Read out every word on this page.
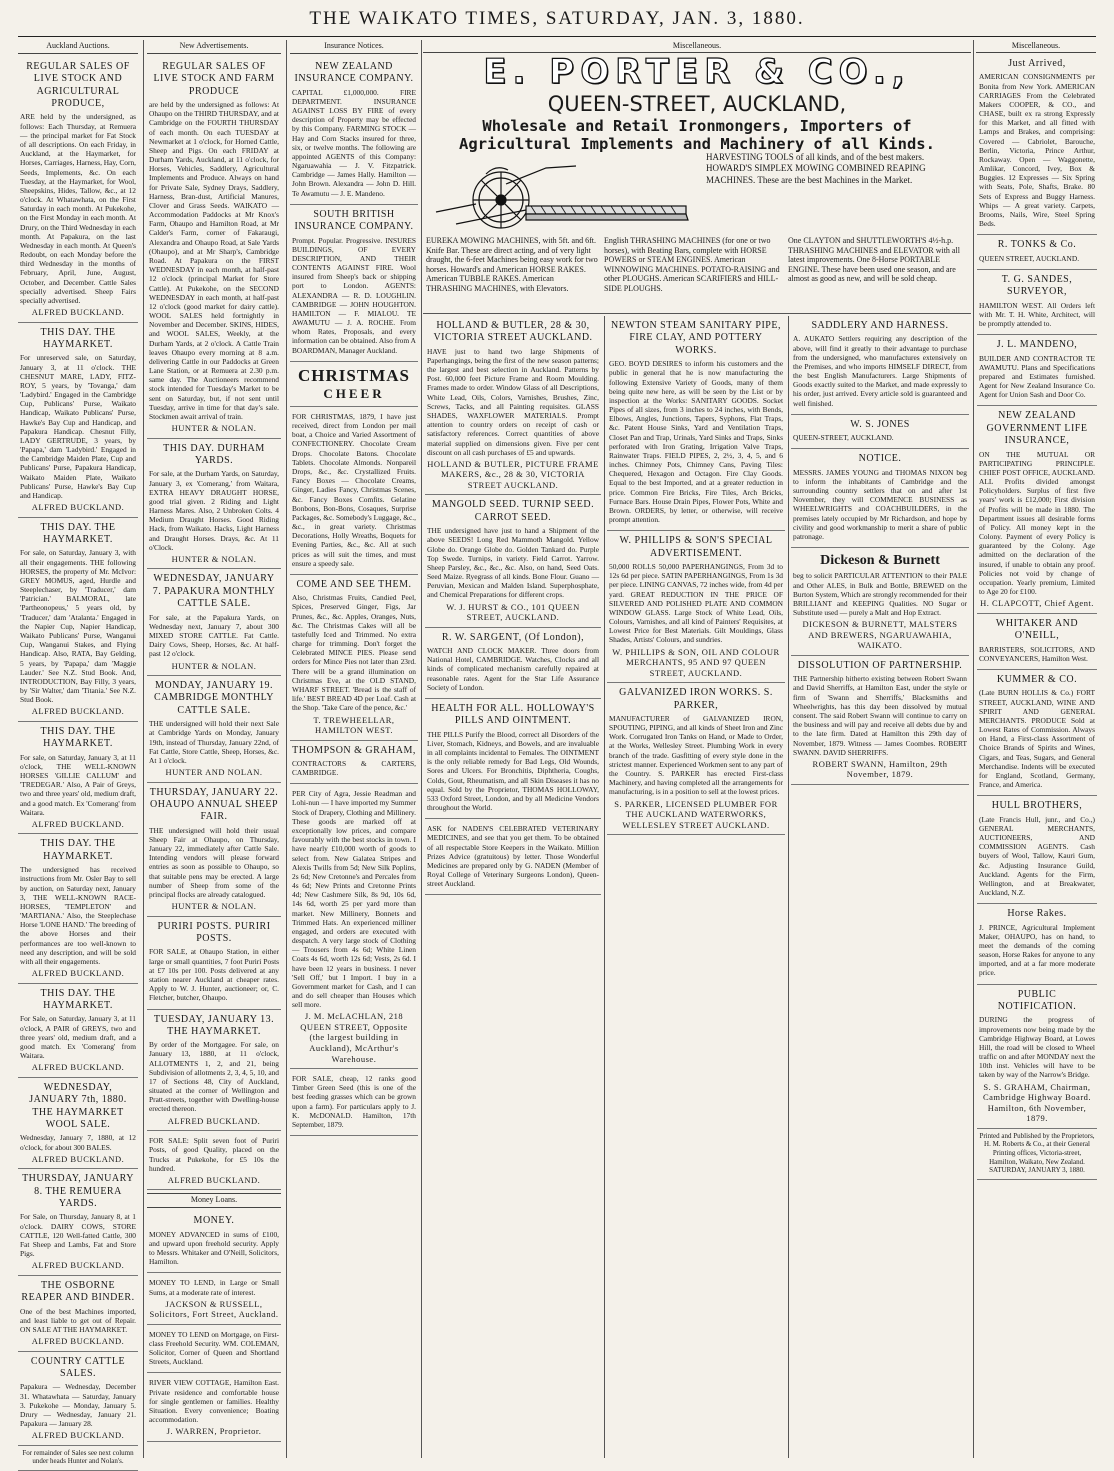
THE WAIKATO TIMES, SATURDAY, JAN. 3, 1880.
Auckland Auctions.
REGULAR SALES OF LIVE STOCK AND AGRICULTURAL PRODUCE,
ARE held by the undersigned, as follows: Each Thursday, at Remuera — the principal market for Fat Stock of all descriptions. On each Friday, in Auckland, at the Haymarket, for Horses, Carriages, Harness, Hay, Corn, Seeds, Implements, &c. On each Tuesday, at the Haymarket, for Wool, Sheepskins, Hides, Tallow, &c., at 12 o'clock. At Whatawhata, on the First Saturday in each month. At Pukekohe, on the First Monday in each month. At Drury, on the Third Wednesday in each month. At Papakura, on the last Wednesday in each month. At Queen's Redoubt, on each Monday before the third Wednesday in the months of February, April, June, August, October, and December. Cattle Sales specially advertised. Sheep Fairs specially advertised.
ALFRED BUCKLAND.
THIS DAY. THE HAYMARKET.
For unreserved sale, on Saturday, January 3, at 11 o'clock. THE CHESNUT MARE, LADY, FITZ-ROY, 5 years, by 'Tovanga,' dam 'Ladybird.' Engaged in the Cambridge Cup, Publicans' Purse, Waikato Handicap, Waikato Publicans' Purse, Hawke's Bay Cup and Handicap, and Papakura Handicap. Chesnut Filly, LADY GERTRUDE, 3 years, by 'Papapa,' dam 'Ladybird.' Engaged in the Cambridge Maiden Plate, Cup and Publicans' Purse, Papakura Handicap, Waikato Maiden Plate, Waikato Publicans' Purse, Hawke's Bay Cup and Handicap.
ALFRED BUCKLAND.
THIS DAY. THE HAYMARKET.
For sale, on Saturday, January 3, with all their engagements. THE following HORSES, the property of Mr. McIvor: GREY MOMUS, aged, Hurdle and Steeplechaser, by 'Traducer,' dam 'Patrician.' BALMORAL, late 'Partheonopeus,' 5 years old, by 'Traducer,' dam 'Atalanta.' Engaged in the Napier Cup, Napier Handicap, Waikato Publicans' Purse, Wanganui Cup, Wanganui Stakes, and Flying Handicap. Also, RATA, Bay Gelding, 5 years, by 'Papapa,' dam 'Maggie Lauder.' See N.Z. Stud Book. And, INTRODUCTION, Bay Filly, 3 years, by 'Sir Walter,' dam 'Titania.' See N.Z. Stud Book.
ALFRED BUCKLAND.
THIS DAY. THE HAYMARKET.
For sale, on Saturday, January 3, at 11 o'clock, THE WELL-KNOWN HORSES 'GILLIE CALLUM' and 'TREDEGAR.' Also, A Pair of Greys, two and three years' old, medium draft, and a good match. Ex 'Comerang' from Waitara.
ALFRED BUCKLAND.
THIS DAY. THE HAYMARKET.
The undersigned has received instructions from Mr. Osler Bay to sell by auction, on Saturday next, January 3, THE WELL-KNOWN RACE-HORSES, 'TEMPLETON' and 'MARTIANA.' Also, the Steeplechase Horse 'LONE HAND.' The breeding of the above Horses and their performances are too well-known to need any description, and will be sold with all their engagements.
ALFRED BUCKLAND.
THIS DAY. THE HAYMARKET.
For Sale, on Saturday, January 3, at 11 o'clock, A PAIR of GREYS, two and three years' old, medium draft, and a good match. Ex 'Comerang' from Waitara.
ALFRED BUCKLAND.
WEDNESDAY, JANUARY 7th, 1880. THE HAYMARKET WOOL SALE.
Wednesday, January 7, 1880, at 12 o'clock, for about 300 BALES.
ALFRED BUCKLAND.
THURSDAY, JANUARY 8. THE REMUERA YARDS.
For Sale, on Thursday, January 8, at 1 o'clock. DAIRY COWS, STORE CATTLE, 120 Well-fatted Cattle, 300 Fat Sheep and Lambs, Fat and Store Pigs.
ALFRED BUCKLAND.
THE OSBORNE REAPER AND BINDER.
One of the best Machines imported, and least liable to get out of Repair. ON SALE AT THE HAYMARKET.
ALFRED BUCKLAND.
COUNTRY CATTLE SALES.
Papakura — Wednesday, December 31. Whatawhata — Saturday, January 3. Pukekohe — Monday, January 5. Drury — Wednesday, January 21. Papakura — January 28.
ALFRED BUCKLAND.
For remainder of Sales see next column under heads Hunter and Nolan's.
New Advertisements.
REGULAR SALES OF LIVE STOCK AND FARM PRODUCE
are held by the undersigned as follows: At Ohaupo on the THIRD THURSDAY, and at Cambridge on the FOURTH THURSDAY of each month. On each TUESDAY at Newmarket at 1 o'clock, for Horned Cattle, Sheep and Pigs. On each FRIDAY at Durham Yards, Auckland, at 11 o'clock, for Horses, Vehicles, Saddlery, Agricultural Implements and Produce. Always on hand for Private Sale, Sydney Drays, Saddlery, Harness, Bran-dust, Artificial Manures, Clover and Grass Seeds. WAIKATO — Accommodation Paddocks at Mr Knox's Farm, Ohaupo and Hamilton Road, at Mr Calder's Farm, corner of Fakaraugi, Alexandra and Ohaupo Road, at Sale Yards (Ohaupo), and at Mr Sharp's, Cambridge Road. At Papakura on the FIRST WEDNESDAY in each month, at half-past 12 o'clock (principal Market for Store Cattle). At Pukekohe, on the SECOND WEDNESDAY in each month, at half-past 12 o'clock (good market for dairy cattle). WOOL SALES held fortnightly in November and December. SKINS, HIDES, and WOOL SALES, Weekly, at the Durham Yards, at 2 o'clock. A Cattle Train leaves Ohaupo every morning at 8 a.m. delivering Cattle in our Paddocks at Green Lane Station, or at Remuera at 2.30 p.m. same day. The Auctioneers recommend stock intended for Tuesday's Market to be sent on Saturday, but, if not sent until Tuesday, arrive in time for that day's sale. Stockmen await arrival of train.
HUNTER & NOLAN.
THIS DAY. DURHAM YARDS.
For sale, at the Durham Yards, on Saturday, January 3, ex 'Comerang,' from Waitara, EXTRA HEAVY DRAUGHT HORSE, good trial given. 2 Riding and Light Harness Mares. Also, 2 Unbroken Colts. 4 Medium Draught Horses. Good Riding Hack, from Waikato. Hacks, Light Harness and Draught Horses. Drays, &c. At 11 o'Clock.
HUNTER & NOLAN.
WEDNESDAY, JANUARY 7. PAPAKURA MONTHLY CATTLE SALE.
For sale, at the Papakura Yards, on Wednesday next, January 7, about 300 MIXED STORE CATTLE. Fat Cattle. Dairy Cows, Sheep, Horses, &c. At half-past 12 o'clock.
HUNTER & NOLAN.
MONDAY, JANUARY 19. CAMBRIDGE MONTHLY CATTLE SALE.
THE undersigned will hold their next Sale at Cambridge Yards on Monday, January 19th, instead of Thursday, January 22nd, of Fat Cattle, Store Cattle, Sheep, Horses, &c. At 1 o'clock.
HUNTER AND NOLAN.
THURSDAY, JANUARY 22. OHAUPO ANNUAL SHEEP FAIR.
THE undersigned will hold their usual Sheep Fair at Ohaupo, on Thursday, January 22, immediately after Cattle Sale. Intending vendors will please forward entries as soon as possible to Ohaupo, so that suitable pens may be erected. A large number of Sheep from some of the principal flocks are already catalogued.
HUNTER & NOLAN.
PURIRI POSTS. PURIRI POSTS.
FOR SALE, at Ohaupo Station, in either large or small quantities, 7 foot Puriri Posts at £7 10s per 100. Posts delivered at any station nearer Auckland at cheaper rates. Apply to W. J. Hunter, auctioneer; or, C. Fletcher, butcher, Ohaupo.
TUESDAY, JANUARY 13. THE HAYMARKET.
By order of the Mortgagee. For sale, on January 13, 1880, at 11 o'clock, ALLOTMENTS 1, 2, and 21, being Subdivision of allotments 2, 3, 4, 5, 10, and 17 of Sections 48, City of Auckland, situated at the corner of Wellington and Pratt-streets, together with Dwelling-house erected thereon.
ALFRED BUCKLAND.
FOR SALE: Split seven foot of Puriri Posts, of good Quality, placed on the Trucks at Pukekohe, for £5 10s the hundred.
ALFRED BUCKLAND.
Money Loans.
MONEY.
MONEY ADVANCED in sums of £100, and upward upon freehold security. Apply to Messrs. Whitaker and O'Neill, Solicitors, Hamilton.
MONEY TO LEND, in Large or Small Sums, at a moderate rate of interest.
JACKSON & RUSSELL, Solicitors, Fort Street, Auckland.
MONEY TO LEND on Mortgage, on First-class Freehold Security. WM. COLEMAN, Solicitor, Corner of Queen and Shortland Streets, Auckland.
RIVER VIEW COTTAGE, Hamilton East. Private residence and comfortable house for single gentlemen or families. Healthy Situation. Every convenience; Boating accommodation.
J. WARREN, Proprietor.
Insurance Notices.
NEW ZEALAND INSURANCE COMPANY.
CAPITAL £1,000,000. FIRE DEPARTMENT. INSURANCE AGAINST LOSS BY FIRE of every description of Property may be effected by this Company. FARMING STOCK — Hay and Corn Stacks insured for three, six, or twelve months. The following are appointed AGENTS of this Company: Ngaruawahia — J. V. Fitzpatrick. Cambridge — James Hally. Hamilton — John Brown. Alexandra — John D. Hill. Te Awamutu — J. E. Mandeno.
SOUTH BRITISH INSURANCE COMPANY.
Prompt. Popular. Progressive. INSURES BUILDINGS, OF EVERY DESCRIPTION, AND THEIR CONTENTS AGAINST FIRE. Wool insured from Sheep's back or shipping port to London. AGENTS: ALEXANDRA — R. D. LOUGHLIN. CAMBRIDGE — JOHN HOUGHTON. HAMILTON — F. MIALOU. TE AWAMUTU — J. A. ROCHE. From whom Rates, Proposals, and every information can be obtained. Also from A BOARDMAN, Manager Auckland.
CHRISTMAS
CHEER
FOR CHRISTMAS, 1879, I have just received, direct from London per mail boat, a Choice and Varied Assortment of CONFECTIONERY. Chocolate Cream Drops. Chocolate Batons. Chocolate Tablets. Chocolate Almonds. Nonpareil Drops, &c., &c. Crystallized Fruits. Fancy Boxes — Chocolate Creams, Ginger, Ladies Fancy, Christmas Scenes, &c. Fancy Boxes Comfits. Gelatine Bonbons, Bon-Bons, Cosaques, Surprise Packages, &c. Somebody's Luggage, &c., &c., in great variety. Christmas Decorations, Holly Wreaths, Boquets for Evening Parties, &c., &c. All at such prices as will suit the times, and must ensure a speedy sale.
COME AND SEE THEM.
Also, Christmas Fruits, Candied Peel, Spices, Preserved Ginger, Figs, Jar Prunes, &c., &c. Apples, Oranges, Nuts, &c. The Christmas Cakes will all be tastefully Iced and Trimmed. No extra charge for trimming. Don't forget the Celebrated MINCE PIES. Please send orders for Mince Pies not later than 23rd. There will be a grand illumination on Christmas Eve, at the OLD STAND, WHARF STREET. 'Bread is the staff of life.' BEST BREAD 4D per Loaf. Cash at the Shop. 'Take Care of the pence, &c.'
T. TREWHEELLAR, HAMILTON WEST.
THOMPSON & GRAHAM,
CONTRACTORS & CARTERS, CAMBRIDGE.
PER City of Agra, Jessie Readman and Lohi-nun — I have imported my Summer Stock of Drapery, Clothing and Millinery. These goods are marked off at exceptionally low prices, and compare favourably with the best stocks in town. I have nearly £10,000 worth of goods to select from. New Galatea Stripes and Alexis Twills from 5d; New Silk Poplins, 2s 6d; New Cretonne's and Percales from 4s 6d; New Prints and Cretonne Prints 4d; New Cashmere Silk, 8s 9d, 10s 6d, 14s 6d, worth 25 per yard more than market. New Millinery, Bonnets and Trimmed Hats. An experienced milliner engaged, and orders are executed with despatch. A very large stock of Clothing — Trousers from 4s 6d; White Linen Coats 4s 6d, worth 12s 6d; Vests, 2s 6d. I have been 12 years in business. I never 'Sell Off,' but I Import. I buy in a Government market for Cash, and I can and do sell cheaper than Houses which sell more.
J. M. McLACHLAN, 218 QUEEN STREET, Opposite (the largest building in Auckland), McArthur's Warehouse.
FOR SALE, cheap, 12 ranks good Timber Green Seed (this is one of the best feeding grasses which can be grown upon a farm). For particulars apply to J. K. McDONALD. Hamilton, 17th September, 1879.
Miscellaneous.	Miscellaneous.
E. PORTER & CO.,
QUEEN-STREET, AUCKLAND,
Wholesale and Retail Ironmongers, Importers of Agricultural Implements and Machinery of all Kinds.
HARVESTING TOOLS of all kinds, and of the best makers. HOWARD'S SIMPLEX MOWING COMBINED REAPING MACHINES. These are the best Machines in the Market.
EUREKA MOWING MACHINES, with 5ft. and 6ft. Knife Bar. These are direct acting, and of very light draught, the 6-feet Machines being easy work for two horses. Howard's and American HORSE RAKES. American TUBBLE RAKES. American THRASHING MACHINES, with Elevators.
English THRASHING MACHINES (for one or two horses), with Beating Bars, complete with HORSE POWERS or STEAM ENGINES. American WINNOWING MACHINES. POTATO-RAISING and other PLOUGHS. American SCARIFIERS and HILL-SIDE PLOUGHS.
One CLAYTON and SHUTTLEWORTH'S 4½-h.p. THRASHING MACHINES and ELEVATOR with all latest improvements. One 8-Horse PORTABLE ENGINE. These have been used one season, and are almost as good as new, and will be sold cheap.
HOLLAND & BUTLER, 28 & 30, VICTORIA STREET AUCKLAND.
HAVE just to hand two large Shipments of Paperhangings, being the first of the new season patterns; the largest and best selection in Auckland. Patterns by Post. 60,000 feet Picture Frame and Room Moulding. Frames made to order. Window Glass of all Descriptions, White Lead, Oils, Colors, Varnishes, Brushes, Zinc, Screws, Tacks, and all Painting requisites. GLASS SHADES, WAXFLOWER MATERIALS. Prompt attention to country orders on receipt of cash or satisfactory references. Correct quantities of above material supplied on dimensions given. Five per cent discount on all cash purchases of £5 and upwards.
HOLLAND & BUTLER, PICTURE FRAME MAKERS, &c., 28 & 30, VICTORIA STREET AUCKLAND.
MANGOLD SEED. TURNIP SEED. CARROT SEED.
THE undersigned have just to hand a Shipment of the above SEEDS! Long Red Mammoth Mangold. Yellow Globe do. Orange Globe do. Golden Tankard do. Purple Top Swede. Turnips, in variety. Field Carrot. Yarrow. Sheep Parsley, &c., &c., &c. Also, on hand, Seed Oats. Seed Maize. Ryegrass of all kinds. Bone Flour. Guano — Peruvian, Mexican and Malden Island. Superphosphate, and Chemical Preparations for different crops.
W. J. HURST & CO., 101 QUEEN STREET, AUCKLAND.
R. W. SARGENT, (Of London),
WATCH AND CLOCK MAKER. Three doors from National Hotel, CAMBRIDGE. Watches, Clocks and all kinds of complicated mechanism carefully repaired at reasonable rates. Agent for the Star Life Assurance Society of London.
HEALTH FOR ALL. HOLLOWAY'S PILLS AND OINTMENT.
THE PILLS Purify the Blood, correct all Disorders of the Liver, Stomach, Kidneys, and Bowels, and are invaluable in all complaints incidental to Females. The OINTMENT is the only reliable remedy for Bad Legs, Old Wounds, Sores and Ulcers. For Bronchitis, Diphtheria, Coughs, Colds, Gout, Rheumatism, and all Skin Diseases it has no equal. Sold by the Proprietor, THOMAS HOLLOWAY, 533 Oxford Street, London, and by all Medicine Vendors throughout the World.
ASK for NADEN'S CELEBRATED VETERINARY MEDICINES, and see that you get them. To be obtained of all respectable Store Keepers in the Waikato. Million Prizes Advice (gratuitous) by letter. Those Wonderful Medicines are prepared only by G. NADEN (Member of Royal College of Veterinary Surgeons London), Queen-street Auckland.
NEWTON STEAM SANITARY PIPE, FIRE CLAY, AND POTTERY WORKS.
GEO. BOYD DESIRES to inform his customers and the public in general that he is now manufacturing the following Extensive Variety of Goods, many of them being quite new here, as will be seen by the List or by inspection at the Works: SANITARY GOODS. Socket Pipes of all sizes, from 3 inches to 24 inches, with Bends, Elbows, Angles, Junctions, Tapers, Syphons, Flat Traps, &c. Patent House Sinks, Yard and Ventilation Traps, Closet Pan and Trap, Urinals, Yard Sinks and Traps, Sinks perforated with Iron Grating, Irrigation Valve Traps, Rainwater Traps. FIELD PIPES, 2, 2½, 3, 4, 5, and 6 inches. Chimney Pots, Chimney Cans, Paving Tiles: Chequered, Hexagon and Octagon. Fire Clay Goods. Equal to the best Imported, and at a greater reduction in price. Common Fire Bricks, Fire Tiles, Arch Bricks, Furnace Bars. House Drain Pipes, Flower Pots, White and Brown. ORDERS, by letter, or otherwise, will receive prompt attention.
W. PHILLIPS & SON'S SPECIAL ADVERTISEMENT.
50,000 ROLLS 50,000 PAPERHANGINGS, From 3d to 12s 6d per piece. SATIN PAPERHANGINGS, From 1s 3d per piece. LINING CANVAS, 72 inches wide, from 4d per yard. GREAT REDUCTION IN THE PRICE OF SILVERED AND POLISHED PLATE AND COMMON WINDOW GLASS. Large Stock of White Lead, Oils, Colours, Varnishes, and all kind of Painters' Requisites, at Lowest Price for Best Materials. Gilt Mouldings, Glass Shades, Artists' Colours, and sundries.
W. PHILLIPS & SON, OIL AND COLOUR MERCHANTS, 95 AND 97 QUEEN STREET, AUCKLAND.
GALVANIZED IRON WORKS. S. PARKER,
MANUFACTURER of GALVANIZED IRON, SPOUTING, PIPING, and all kinds of Sheet Iron and Zinc Work. Corrugated Iron Tanks on Hand, or Made to Order, at the Works, Wellesley Street. Plumbing Work in every branch of the trade. Gasfitting of every style done in the strictest manner. Experienced Workmen sent to any part of the Country. S. PARKER has erected First-class Machinery, and having completed all the arrangements for manufacturing, is in a position to sell at the lowest prices.
S. PARKER, LICENSED PLUMBER FOR THE AUCKLAND WATERWORKS, WELLESLEY STREET AUCKLAND.
SADDLERY AND HARNESS.
A. AUKATO Settlers requiring any description of the above, will find it greatly to their advantage to purchase from the undersigned, who manufactures extensively on the Premises, and who imports HIMSELF DIRECT, from the best English Manufacturers. Large Shipments of Goods exactly suited to the Market, and made expressly to his order, just arrived. Every article sold is guaranteed and well finished.
W. S. JONES
QUEEN-STREET, AUCKLAND.
NOTICE.
MESSRS. JAMES YOUNG and THOMAS NIXON beg to inform the inhabitants of Cambridge and the surrounding country settlers that on and after 1st November, they will COMMENCE BUSINESS as WHEELWRIGHTS and COACHBUILDERS, in the premises lately occupied by Mr Richardson, and hope by civility and good workmanship to merit a share of public patronage.
Dickeson & Burnett
beg to solicit PARTICULAR ATTENTION to their PALE and Other ALES, in Bulk and Bottle, BREWED on the Burton System, Which are strongly recommended for their BRILLIANT and KEEPING Qualities. NO Sugar or Substitute used — purely a Malt and Hop Extract.
DICKESON & BURNETT, MALSTERS AND BREWERS, NGARUAWAHIA, WAIKATO.
DISSOLUTION OF PARTNERSHIP.
THE Partnership hitherto existing between Robert Swann and David Sherriffs, at Hamilton East, under the style or firm of 'Swann and Sherriffs,' Blacksmiths and Wheelwrights, has this day been dissolved by mutual consent. The said Robert Swann will continue to carry on the business and will pay and receive all debts due by and to the late firm. Dated at Hamilton this 29th day of November, 1879. Witness — James Coombes. ROBERT SWANN. DAVID SHERRIFFS.
ROBERT SWANN, Hamilton, 29th November, 1879.
Just Arrived,
AMERICAN CONSIGNMENTS per Bonita from New York. AMERICAN CARRIAGES From the Celebrated Makers COOPER, & CO., and CHASE, built ex ra strong Expressly for this Market, and all fitted with Lamps and Brakes, and comprising: Covered — Cabriolet, Barouche, Berlin, Victoria, Prince Arthur, Rockaway. Open — Waggonette, Amlikar, Concord, Ivey, Box & Buggies. 12 Expresses — Six Spring with Seats, Pole, Shafts, Brake. 80 Sets of Express and Buggy Harness. Whips — A great variety. Carpets, Brooms, Nails, Wire, Steel Spring Beds.
R. TONKS & Co.
QUEEN STREET, AUCKLAND.
T. G. SANDES, SURVEYOR,
HAMILTON WEST. All Orders left with Mr. T. H. White, Architect, will be promptly attended to.
J. L. MANDENO,
BUILDER AND CONTRACTOR TE AWAMUTU. Plans and Specifications prepared and Estimates furnished. Agent for New Zealand Insurance Co. Agent for Union Sash and Door Co.
NEW ZEALAND GOVERNMENT LIFE INSURANCE,
ON THE MUTUAL OR PARTICIPATING PRINCIPLE. CHIEF POST OFFICE, AUCKLAND. ALL Profits divided amongst Policyholders. Surplus of first five years' work is £12,000; First division of Profits will be made in 1880. The Department issues all desirable forms of Policy. All money kept in the Colony. Payment of every Policy is guaranteed by the Colony. Age admitted on the declaration of the insured, if unable to obtain any proof. Policies not void by change of occupation. Yearly premium, Limited to Age 20 for £100.
H. CLAPCOTT, Chief Agent.
WHITAKER AND O'NEILL,
BARRISTERS, SOLICITORS, AND CONVEYANCERS, Hamilton West.
KUMMER & CO.
(Late BURN HOLLIS & Co.) FORT STREET, AUCKLAND, WINE AND SPIRIT AND GENERAL MERCHANTS. PRODUCE Sold at Lowest Rates of Commission. Always on Hand, a First-class Assortment of Choice Brands of Spirits and Wines, Cigars, and Teas, Sugars, and General Merchandise. Indents will be executed for England, Scotland, Germany, France, and America.
HULL BROTHERS,
(Late Francis Hull, junr., and Co.,) GENERAL MERCHANTS, AUCTIONEERS, AND COMMISSION AGENTS. Cash buyers of Wool, Tallow, Kauri Gum, &c. Adjusting Insurance Guild, Auckland. Agents for the Firm, Wellington, and at Breakwater, Auckland, N.Z.
Horse Rakes.
J. PRINCE, Agricultural Implement Maker, OHAUPO, has on hand, to meet the demands of the coming season, Horse Rakes for anyone to any imported, and at a far more moderate price.
PUBLIC NOTIFICATION.
DURING the progress of improvements now being made by the Cambridge Highway Board, at Lowes Hill, the road will be closed to Wheel traffic on and after MONDAY next the 10th inst. Vehicles will have to be taken by way of the Narrow's Bridge.
S. S. GRAHAM, Chairman, Cambridge Highway Board. Hamilton, 6th November, 1879.
Printed and Published by the Proprietors, H. M. Roberts & Co., at their General Printing offices, Victoria-street, Hamilton, Waikato, New Zealand. SATURDAY, JANUARY 3, 1880.
